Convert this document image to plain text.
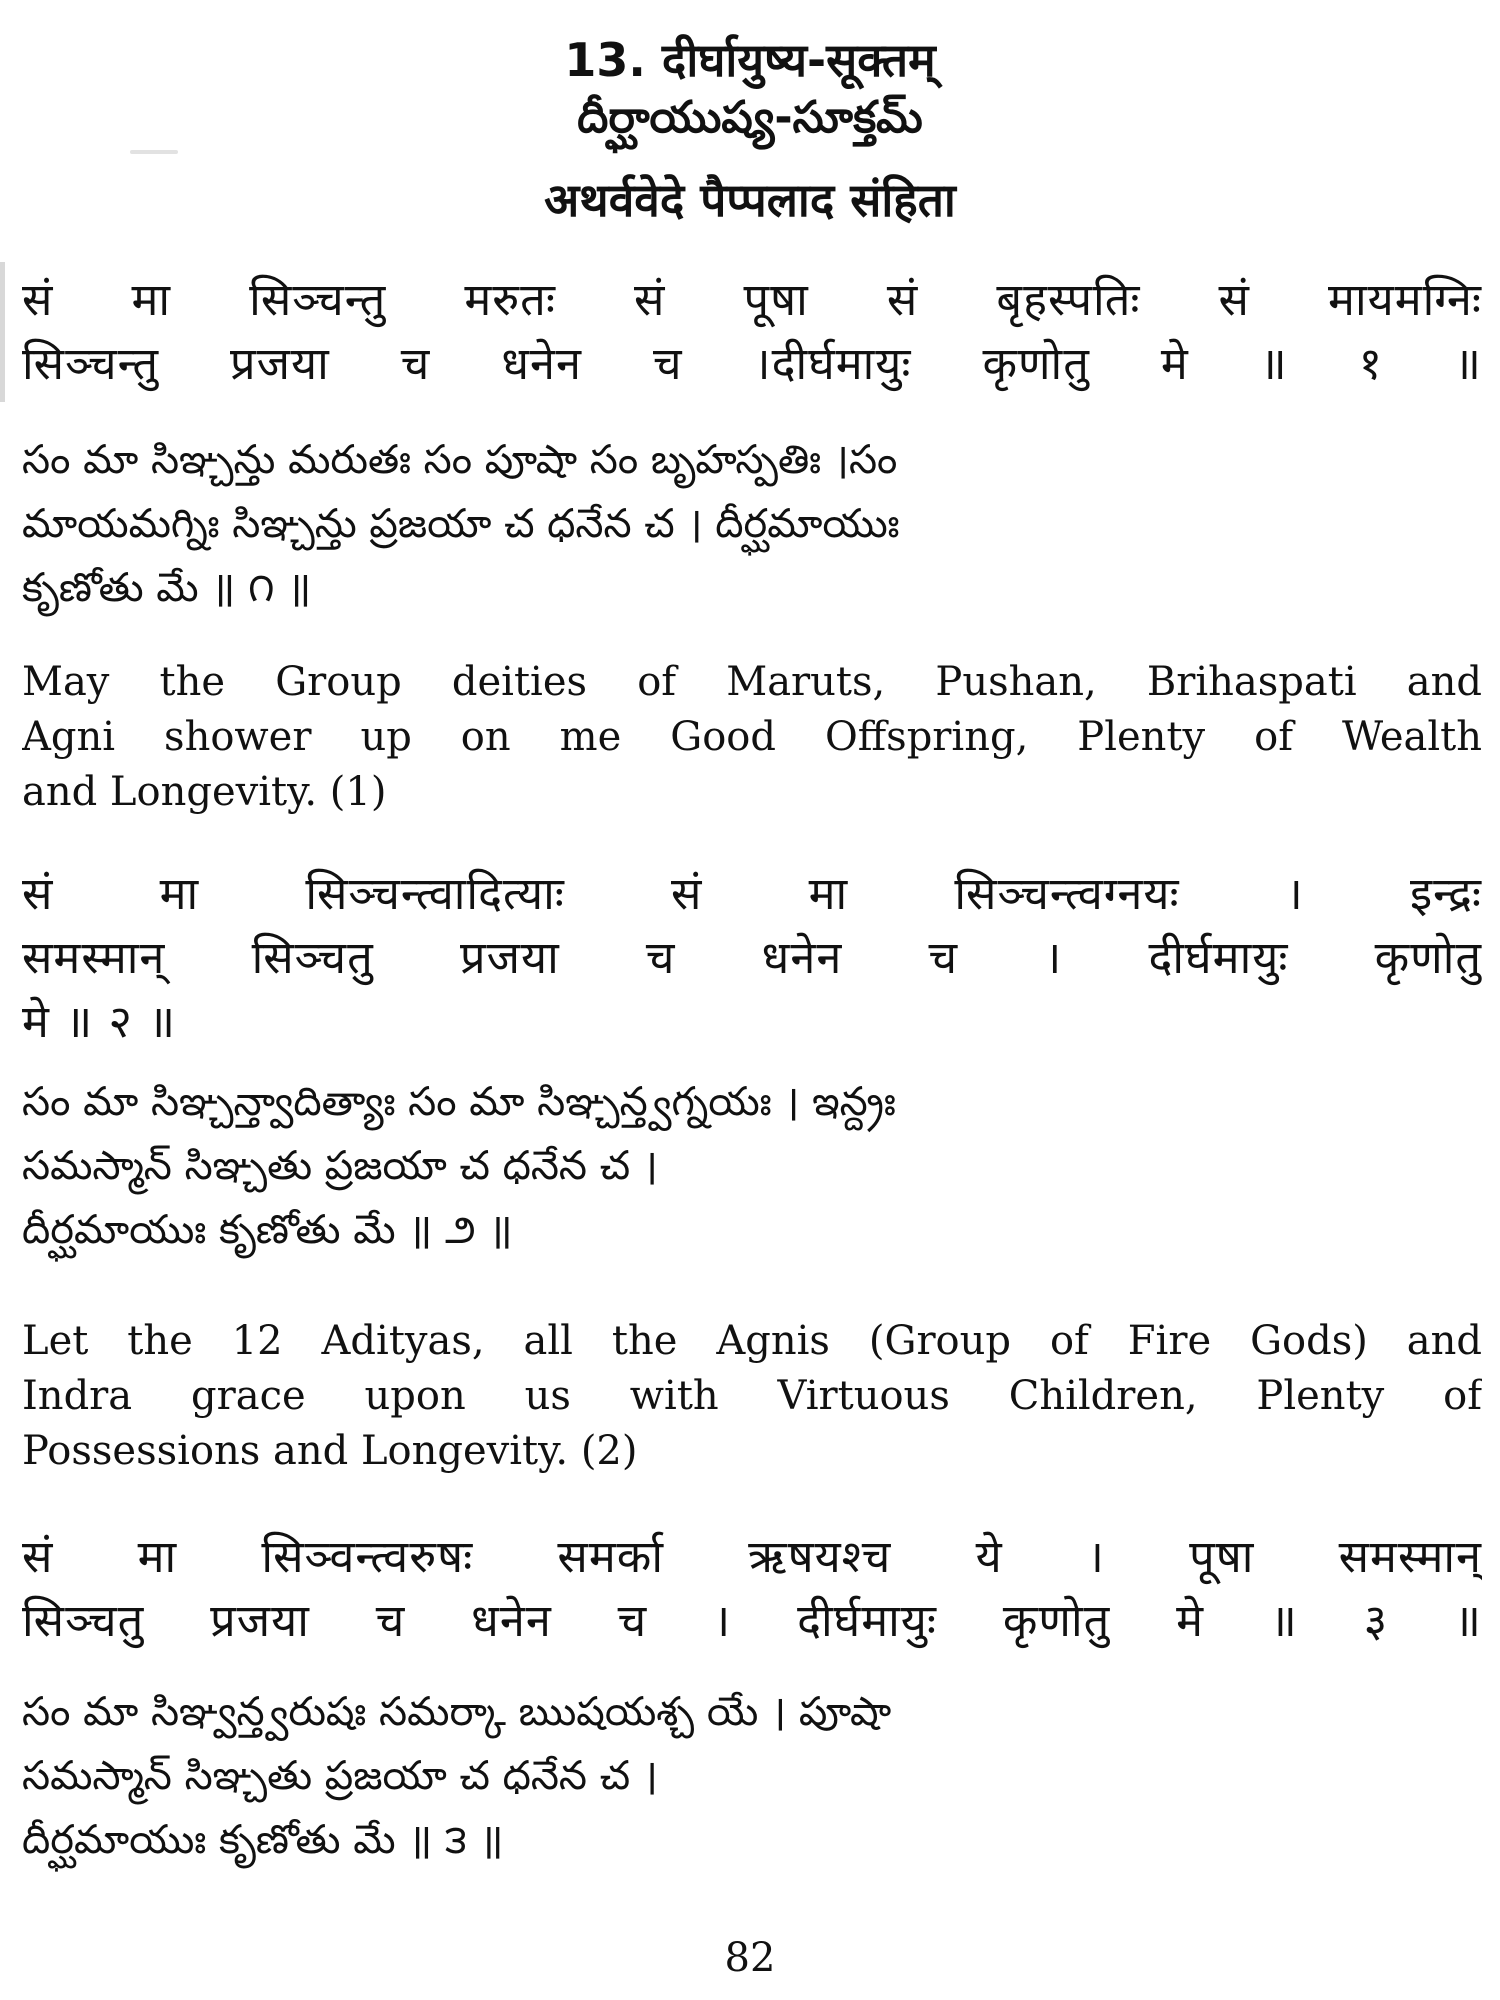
13. दीर्घायुष्य-सूक्तम्
దీర్ఘాయుష్య-సూక్తమ్
अथर्ववेदे पैप्पलाद संहिता
सं मा सिञ्चन्तु मरुतः सं पूषा सं बृहस्पतिः सं मायमग्निः
सिञ्चन्तु प्रजया च धनेन च ।दीर्घमायुः कृणोतु मे ॥ १ ॥
సం మా సిఞ్చన్తు మరుతః సం పూషా సం బృహస్పతిః ।సం
మాయమగ్నిః సిఞ్చన్తు ప్రజయా చ ధనేన చ । దీర్ఘమాయుః
కృణోతు మే ॥ ౧ ॥
May the Group deities of Maruts, Pushan, Brihaspati and
Agni shower up on me Good Offspring, Plenty of Wealth
and Longevity. (1)
सं मा सिञ्चन्त्वादित्याः सं मा सिञ्चन्त्वग्नयः । इन्द्रः
समस्मान् सिञ्चतु प्रजया च धनेन च । दीर्घमायुः कृणोतु
मे ॥ २ ॥
సం మా సిఞ్చన్త్వాదిత్యాః సం మా సిఞ్చన్త్వగ్నయః । ఇన్ద్రః
సమస్మాన్ సిఞ్చతు ప్రజయా చ ధనేన చ ।
దీర్ఘమాయుః కృణోతు మే ॥ ౨ ॥
Let the 12 Adityas, all the Agnis (Group of Fire Gods) and
Indra grace upon us with Virtuous Children, Plenty of
Possessions and Longevity. (2)
सं मा सिञ्वन्त्वरुषः समर्का ऋषयश्च ये । पूषा समस्मान्
सिञ्चतु प्रजया च धनेन च । दीर्घमायुः कृणोतु मे ॥ ३ ॥
సం మా సిఞ్వన్త్వరుషః సమర్కా ఋషయశ్చ యే । పూషా
సమస్మాన్ సిఞ్చతు ప్రజయా చ ధనేన చ ।
దీర్ఘమాయుః కృణోతు మే ॥ ౩ ॥
82
